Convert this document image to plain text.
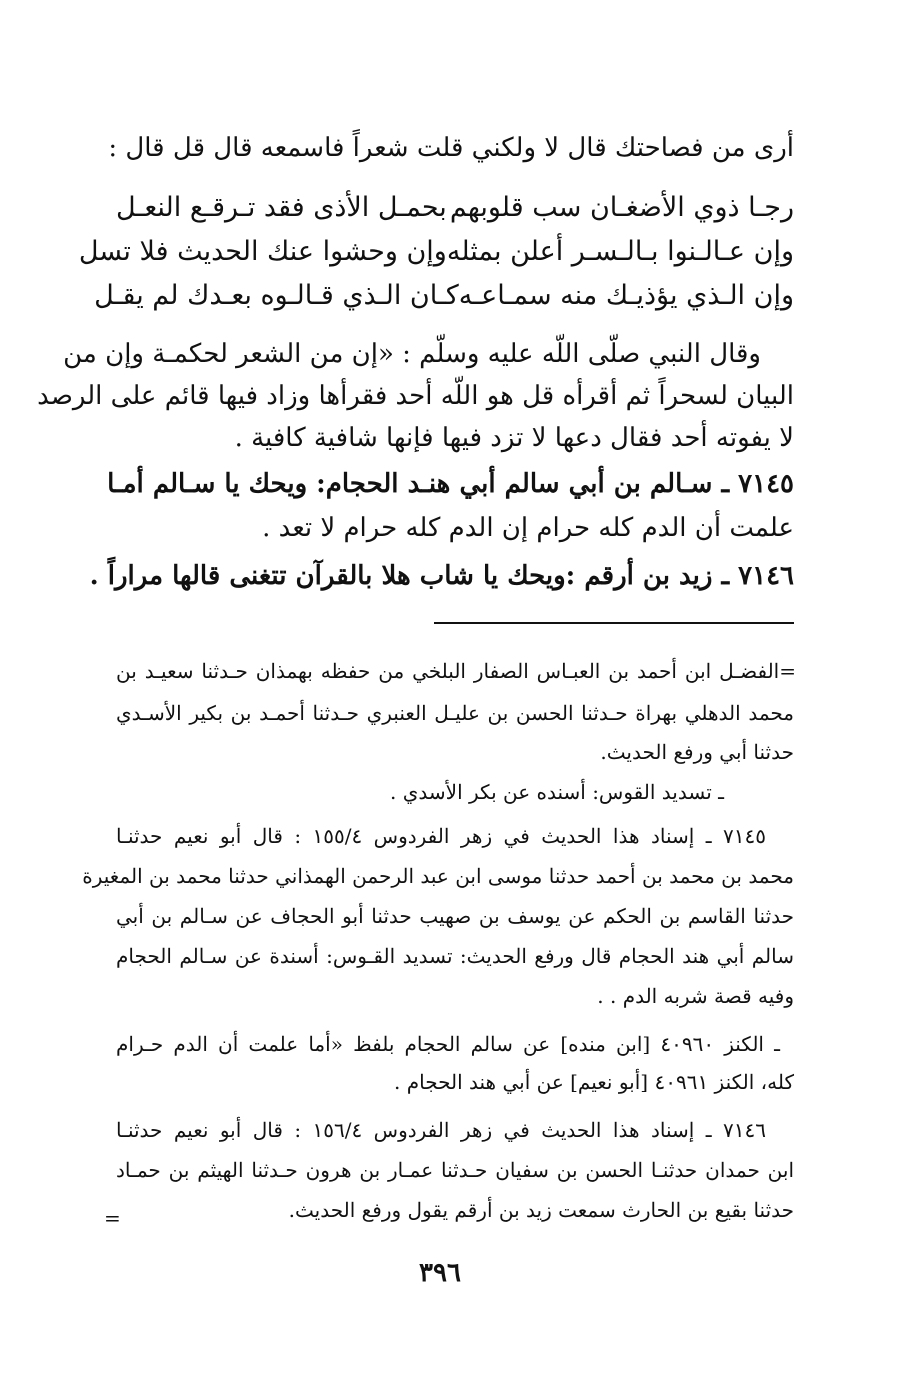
أرى من فصاحتك قال لا ولكني قلت شعراً فاسمعه قال قل قال :
رجـا ذوي الأضغـان سب قلوبهم
بحمـل الأذى فقد تـرقـع النعـل
وإن عـالـنوا بـالـسـر أعلن بمثله
وإن وحشوا عنك الحديث فلا تسل
وإن الـذي يؤذيـك منه سمـاعـه
كـان الـذي قـالـوه بعـدك لم يقـل
وقال النبي صلّى اللّه عليه وسلّم : «إن من الشعر لحكمـة وإن من
البيان لسحراً ثم أقرأه قل هو اللّه أحد فقرأها وزاد فيها قائم على الرصد
لا يفوته أحد فقال دعها لا تزد فيها فإنها شافية كافية .
٧١٤٥ ـ سـالم بن أبي سالم أبي هنـد الحجام: ويحك يا سـالم أمـا
علمت أن الدم كله حرام إن الدم كله حرام لا تعد .
٧١٤٦ ـ زيد بن أرقم :ويحك يا شاب هلا بالقرآن تتغنى قالها مراراً .
=الفضـل ابن أحمد بن العبـاس الصفار البلخي من حفظه بهمذان حـدثنا سعيـد بن
محمد الدهلي بهراة حـدثنا الحسن بن عليـل العنبري حـدثنا أحمـد بن بكير الأسـدي
حدثنا أبي ورفع الحديث.
ـ تسديد القوس: أسنده عن بكر الأسدي .
٧١٤٥ ـ إسناد هذا الحديث في زهر الفردوس ١٥٥/٤ : قال أبو نعيم حدثنـا
محمد بن محمد بن أحمد حدثنا موسى ابن عبد الرحمن الهمذاني حدثنا محمد بن المغيرة
حدثنا القاسم بن الحكم عن يوسف بن صهيب حدثنا أبو الحجاف عن سـالم بن أبي
سالم أبي هند الحجام قال ورفع الحديث: تسديد القـوس: أسندة عن سـالم الحجام
وفيه قصة شربه الدم . .
ـ الكنز ٤٠٩٦٠ [ابن منده] عن سالم الحجام بلفظ «أما علمت أن الدم حـرام
كله، الكنز ٤٠٩٦١ [أبو نعيم] عن أبي هند الحجام .
٧١٤٦ ـ إسناد هذا الحديث في زهر الفردوس ١٥٦/٤ : قال أبو نعيم حدثنـا
ابن حمدان حدثنـا الحسن بن سفيان حـدثنا عمـار بن هرون حـدثنا الهيثم بن حمـاد
حدثنا بقيع بن الحارث سمعت زيد بن أرقم يقول ورفع الحديث.
=
٣٩٦
